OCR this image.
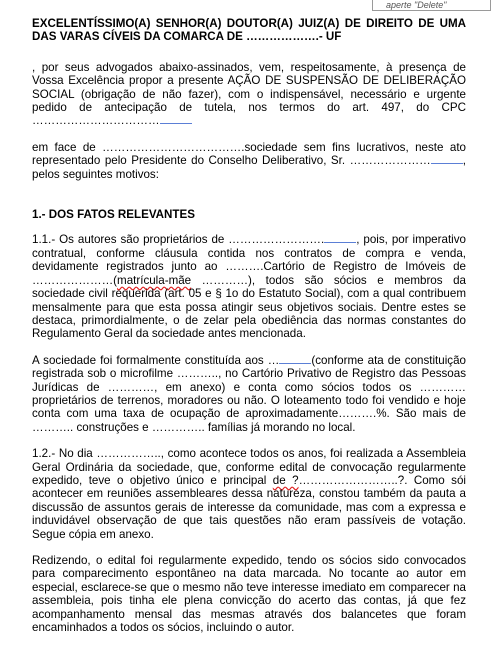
aperte "Delete"

EXCELENTÍSSIMO(A) SENHOR(A) DOUTOR(A) JUIZ(A) DE DIREITO DE UMA DAS VARAS CÍVEIS DA COMARCA DE ……………….- UF

, por seus advogados abaixo-assinados, vem, respeitosamente, à presença de Vossa Excelência propor a presente AÇÃO DE SUSPENSÃO DE DELIBERAÇÃO SOCIAL (obrigação de não fazer), com o indispensável, necessário e urgente pedido de antecipação de tutela, nos termos do art. 497, do CPC ……………………………

em face de ……………………………….sociedade sem fins lucrativos, neste ato representado pelo Presidente do Conselho Deliberativo, Sr. …………………	, pelos seguintes motivos:

1.- DOS FATOS RELEVANTES

1.1.- Os autores são proprietários de …………………….	, pois, por imperativo contratual, conforme cláusula contida nos contratos de compra e venda, devidamente registrados junto ao ……….Cartório de Registro de Imóveis de …………………(matrícula-mãe …………), todos são sócios e membros da sociedade civil requerida (art. 05 e § 1o do Estatuto Social), com a qual contribuem mensalmente para que esta possa atingir seus objetivos sociais. Dentre estes se destaca, primordialmente, o de zelar pela obediência das normas constantes do Regulamento Geral da sociedade antes mencionada.

A sociedade foi formalmente constituída aos …	(conforme ata de constituição registrada sob o microfilme ……….., no Cartório Privativo de Registro das Pessoas Jurídicas de …………, em anexo) e conta como sócios todos os ………… proprietários de terrenos, moradores ou não. O loteamento todo foi vendido e hoje conta com uma taxa de ocupação de aproximadamente……….%. São mais de ……….. construções e ………….. famílias já morando no local.

1.2.- No dia …………….., como acontece todos os anos, foi realizada a Assembleia Geral Ordinária da sociedade, que, conforme edital de convocação regularmente expedido, teve o objetivo único e principal de ?……………………..?. Como sói acontecer em reuniões assembleares dessa natureza, constou também da pauta a discussão de assuntos gerais de interesse da comunidade, mas com a expressa e induvidável observação de que tais questões não eram passíveis de votação. Segue cópia em anexo.

Redizendo, o edital foi regularmente expedido, tendo os sócios sido convocados para comparecimento espontâneo na data marcada. No tocante ao autor em especial, esclarece-se que o mesmo não teve interesse imediato em comparecer na assembleia, pois tinha ele plena convicção do acerto das contas, já que fez acompanhamento mensal das mesmas através dos balancetes que foram encaminhados a todos os sócios, incluindo o autor.
